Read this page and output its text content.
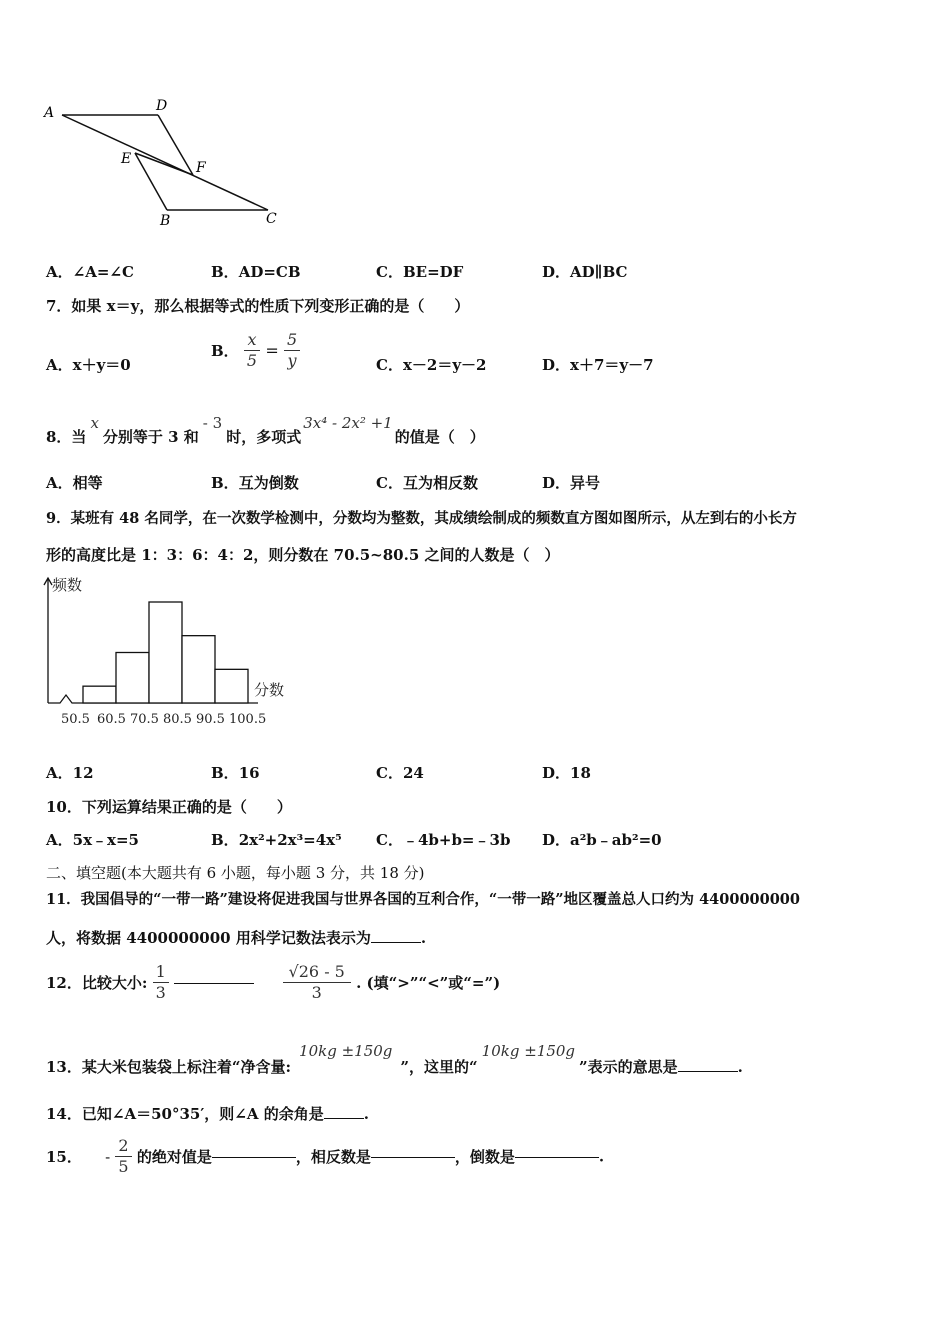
A	D
E
F
B	C
A．∠A=∠C	B．AD=CB	C．BE=DF	D．AD∥BC
7．如果 x＝y，那么根据等式的性质下列变形正确的是（　　）
A．x＋y＝0
B． $\frac{x}{5} = \frac{5}{y}$	C．x－2＝y－2	D．x＋7＝y－7
8．当x分别等于 3 和- 3时，多项式3x⁴ - 2x² +1的值是（　）
A．相等	B．互为倒数	C．互为相反数	D．异号
9．某班有 48 名同学，在一次数学检测中，分数均为整数，其成绩绘制成的频数直方图如图所示，从左到右的小长方
形的高度比是 1：3：6：4：2，则分数在 70.5~80.5 之间的人数是（　）
50.5 60.5 70.5 80.5 90.5 100.5
频数
分数
A．12	B．16	C．24	D．18
10．下列运算结果正确的是（　　）
A．5x﹣x=5	B．2x²+2x³=4x⁵ C．﹣4b+b=﹣3b D．a²b﹣ab²=0
二、填空题(本大题共有 6 小题，每小题 3 分，共 18 分)
11．我国倡导的“一带一路”建设将促进我国与世界各国的互利合作，“一带一路”地区覆盖总人口约为 4400000000
人，将数据 4400000000 用科学记数法表示为	.
12．比较大小: $\frac{1}{3}$
	$\frac{√26 - 5}{3}$ . (填“>”“<”或“=”)
13．某大米包装袋上标注着“净含量:10kg ±150g”，这里的“10kg ±150g”表示的意思是	.
14．已知∠A＝50°35′，则∠A 的余角是	.
15． - $\frac{2}{5}$ 的绝对值是	，相反数是	，倒数是	.
